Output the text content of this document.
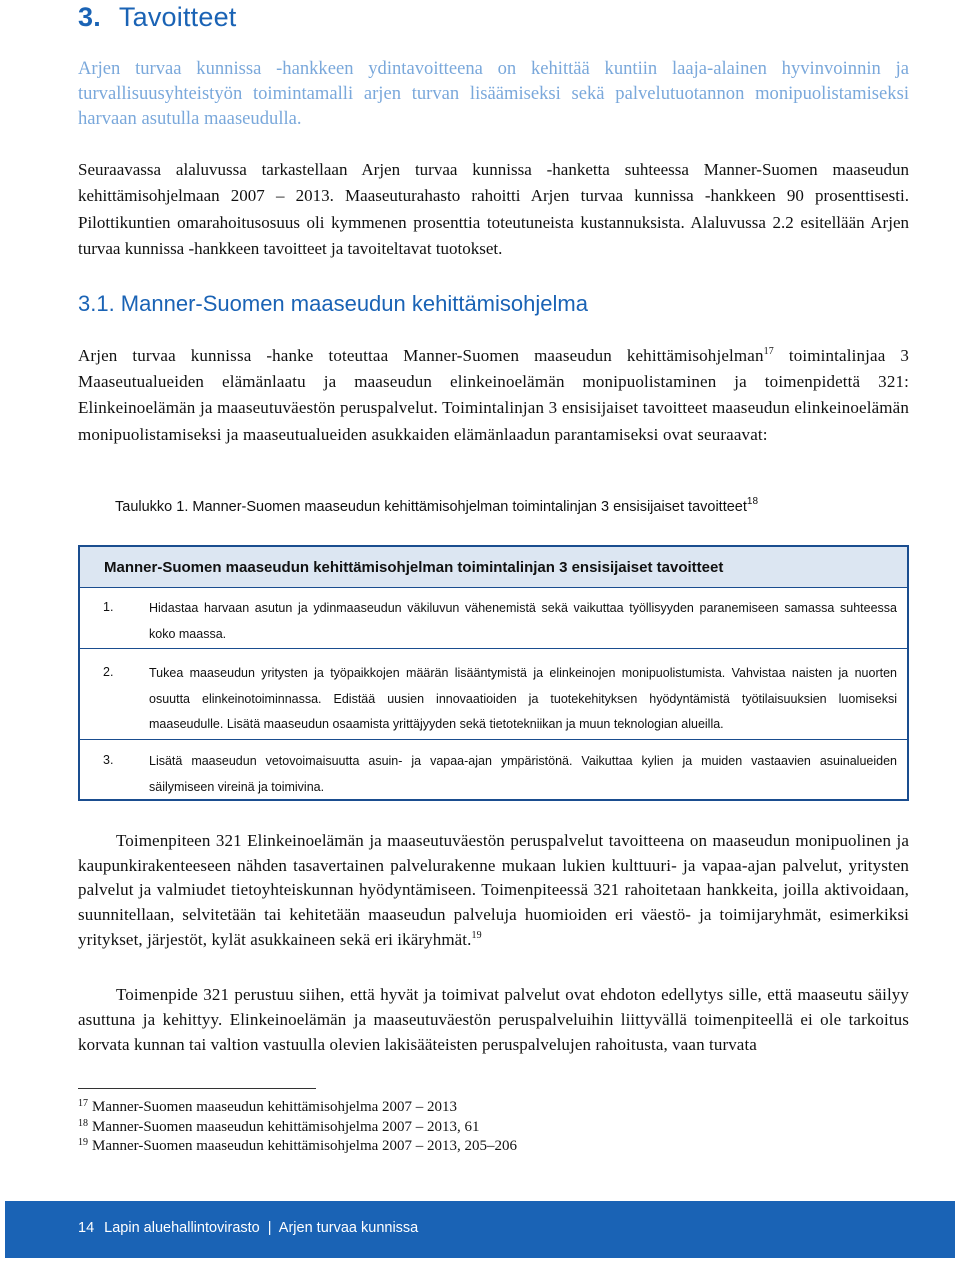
3. Tavoitteet

Arjen turvaa kunnissa -hankkeen ydintavoitteena on kehittää kuntiin laaja-alainen hyvinvoinnin ja turvallisuusyhteistyön toimintamalli arjen turvan lisäämiseksi sekä palvelutuotannon monipuolistamiseksi harvaan asutulla maaseudulla.

Seuraavassa alaluvussa tarkastellaan Arjen turvaa kunnissa -hanketta suhteessa Manner-Suomen maaseudun kehittämisohjelmaan 2007 – 2013. Maaseuturahasto rahoitti Arjen turvaa kunnissa -hankkeen 90 prosenttisesti. Pilottikuntien omarahoitusosuus oli kymmenen prosenttia toteutuneista kustannuksista. Alaluvussa 2.2 esitellään Arjen turvaa kunnissa -hankkeen tavoitteet ja tavoiteltavat tuotokset.

3.1. Manner-Suomen maaseudun kehittämisohjelma

Arjen turvaa kunnissa -hanke toteuttaa Manner-Suomen maaseudun kehittämisohjelman$^{17}$ toimintalinjaa 3 Maaseutualueiden elämänlaatu ja maaseudun elinkeinoelämän monipuolistaminen ja toimenpidettä 321: Elinkeinoelämän ja maaseutuväestön peruspalvelut. Toimintalinjan 3 ensisijaiset tavoitteet maaseudun elinkeinoelämän monipuolistamiseksi ja maaseutualueiden asukkaiden elämänlaadun parantamiseksi ovat seuraavat:

Taulukko 1. Manner-Suomen maaseudun kehittämisohjelman toimintalinjan 3 ensisijaiset tavoitteet$^{18}$

Manner-Suomen maaseudun kehittämisohjelman toimintalinjan 3 ensisijaiset tavoitteet
1.	Hidastaa harvaan asutun ja ydinmaaseudun väkiluvun vähenemistä sekä vaikuttaa työllisyyden paranemiseen samassa suhteessa koko maassa.
2.	Tukea maaseudun yritysten ja työpaikkojen määrän lisääntymistä ja elinkeinojen monipuolistumista. Vahvistaa naisten ja nuorten osuutta elinkeinotoiminnassa. Edistää uusien innovaatioiden ja tuotekehityksen hyödyntämistä työtilaisuuksien luomiseksi maaseudulle. Lisätä maaseudun osaamista yrittäjyyden sekä tietotekniikan ja muun teknologian alueilla.
3.	Lisätä maaseudun vetovoimaisuutta asuin- ja vapaa-ajan ympäristönä. Vaikuttaa kylien ja muiden vastaavien asuinalueiden säilymiseen vireinä ja toimivina.

Toimenpiteen 321 Elinkeinoelämän ja maaseutuväestön peruspalvelut tavoitteena on maaseudun monipuolinen ja kaupunkirakenteeseen nähden tasavertainen palvelurakenne mukaan lukien kulttuuri- ja vapaa-ajan palvelut, yritysten palvelut ja valmiudet tietoyhteiskunnan hyödyntämiseen. Toimenpiteessä 321 rahoitetaan hankkeita, joilla aktivoidaan, suunnitellaan, selvitetään tai kehitetään maaseudun palveluja huomioiden eri väestö- ja toimijaryhmät, esimerkiksi yritykset, järjestöt, kylät asukkaineen sekä eri ikäryhmät.$^{19}$

Toimenpide 321 perustuu siihen, että hyvät ja toimivat palvelut ovat ehdoton edellytys sille, että maaseutu säilyy asuttuna ja kehittyy. Elinkeinoelämän ja maaseutuväestön peruspalveluihin liittyvällä toimenpiteellä ei ole tarkoitus korvata kunnan tai valtion vastuulla olevien lakisääteisten peruspalvelujen rahoitusta, vaan turvata

$^{17}$ Manner-Suomen maaseudun kehittämisohjelma 2007 – 2013
$^{18}$ Manner-Suomen maaseudun kehittämisohjelma 2007 – 2013, 61
$^{19}$ Manner-Suomen maaseudun kehittämisohjelma 2007 – 2013, 205–206
14 Lapin aluehallintovirasto | Arjen turvaa kunnissa
